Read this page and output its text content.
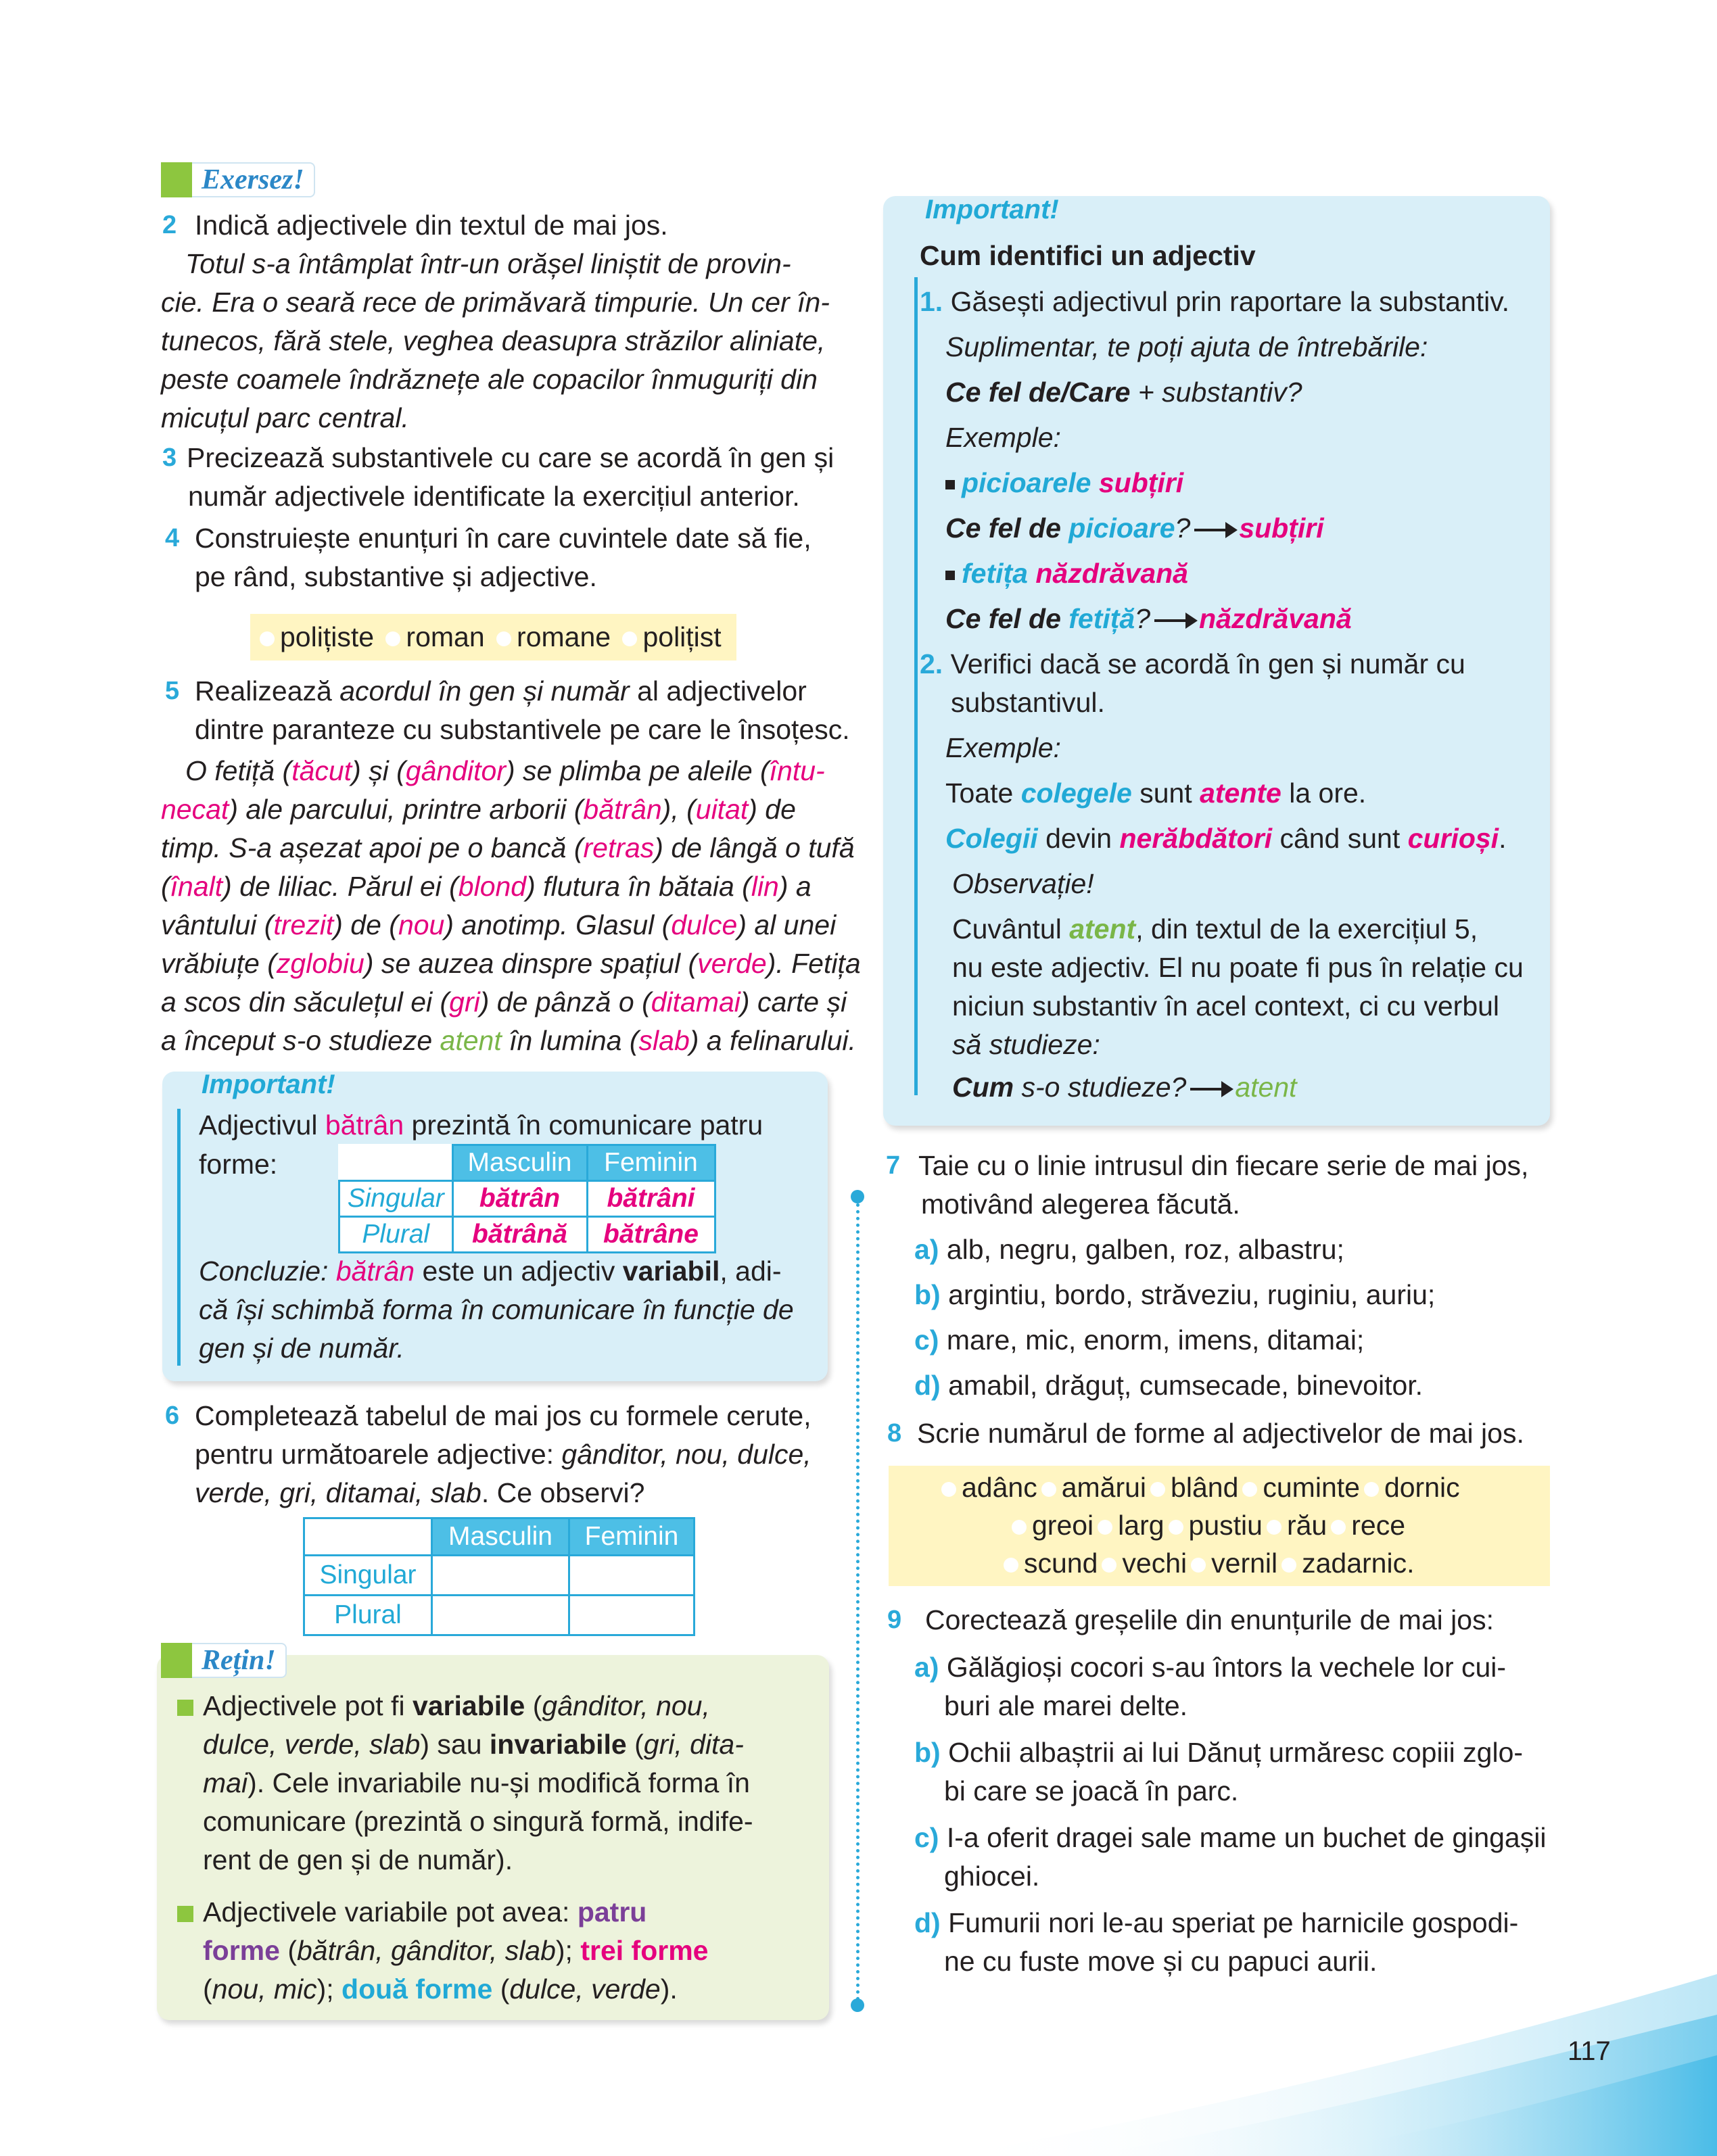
Exersez!
2 Indică adjectivele din textul de mai jos.
Totul s-a întâmplat într-un orășel liniștit de provin-
cie. Era o seară rece de primăvară timpurie. Un cer în-
tunecos, fără stele, veghea deasupra străzilor aliniate,
peste coamele îndrăznețe ale copacilor înmuguriți din
micuțul parc central.
3 Precizează substantivele cu care se acordă în gen și
număr adjectivele identificate la exercițiul anterior.
4 Construiește enunțuri în care cuvintele date să fie,
pe rând, substantive și adjective.
polițiste roman romane polițist
5 Realizează acordul în gen și număr al adjectivelor
dintre paranteze cu substantivele pe care le însoțesc.
O fetiță (tăcut) și (gânditor) se plimba pe aleile (întu-
necat) ale parcului, printre arborii (bătrân), (uitat) de
timp. S-a așezat apoi pe o bancă (retras) de lângă o tufă
(înalt) de liliac. Părul ei (blond) flutura în bătaia (lin) a
vântului (trezit) de (nou) anotimp. Glasul (dulce) al unei
vrăbiuțe (zglobiu) se auzea dinspre spațiul (verde). Fetița
a scos din săculețul ei (gri) de pânză o (ditamai) carte și
a început s-o studieze atent în lumina (slab) a felinarului.
Important!
Adjectivul bătrân prezintă în comunicare patru
forme:
		Masculin	Feminin
Singular	bătrân	bătrâni
Plural	bătrână	bătrâne
Concluzie: bătrân este un adjectiv variabil, adi-
că își schimbă forma în comunicare în funcție de
gen și de număr.
6 Completează tabelul de mai jos cu formele cerute,
pentru următoarele adjective: gânditor, nou, dulce,
verde, gri, ditamai, slab. Ce observi?
	Masculin	Feminin
Singular		
Plural		
Rețin!
Adjectivele pot fi variabile (gânditor, nou,
dulce, verde, slab) sau invariabile (gri, dita-
mai). Cele invariabile nu-și modifică forma în
comunicare (prezintă o singură formă, indife-
rent de gen și de număr).
Adjectivele variabile pot avea: patru
forme (bătrân, gânditor, slab); trei forme
(nou, mic); două forme (dulce, verde).
Important!
Cum identifici un adjectiv
1. Găsești adjectivul prin raportare la substantiv.
Suplimentar, te poți ajuta de întrebările:
Ce fel de/Care + substantiv?
Exemple:
picioarele subțiri
Ce fel de picioare? subțiri
fetița năzdrăvană
Ce fel de fetiță? năzdrăvană
2. Verifici dacă se acordă în gen și număr cu
substantivul.
Exemple:
Toate colegele sunt atente la ore.
Colegii devin nerăbdători când sunt curioși.
Observație!
Cuvântul atent, din textul de la exercițiul 5,
nu este adjectiv. El nu poate fi pus în relație cu
niciun substantiv în acel context, ci cu verbul
să studieze:
Cum s-o studieze? atent
7 Taie cu o linie intrusul din fiecare serie de mai jos,
motivând alegerea făcută.
a) alb, negru, galben, roz, albastru;
b) argintiu, bordo, străveziu, ruginiu, auriu;
c) mare, mic, enorm, imens, ditamai;
d) amabil, drăguț, cumsecade, binevoitor.
8 Scrie numărul de forme al adjectivelor de mai jos.
adânc amărui blând cuminte dornic
greoi larg pustiu rău rece
scund vechi vernil zadarnic.
9 Corectează greșelile din enunțurile de mai jos:
a) Gălăgioși cocori s-au întors la vechele lor cui-
buri ale marei delte.
b) Ochii albaștrii ai lui Dănuț urmăresc copiii zglo-
bi care se joacă în parc.
c) I-a oferit dragei sale mame un buchet de gingașii
ghiocei.
d) Fumurii nori le-au speriat pe harnicile gospodi-
ne cu fuste move și cu papuci aurii.
117
